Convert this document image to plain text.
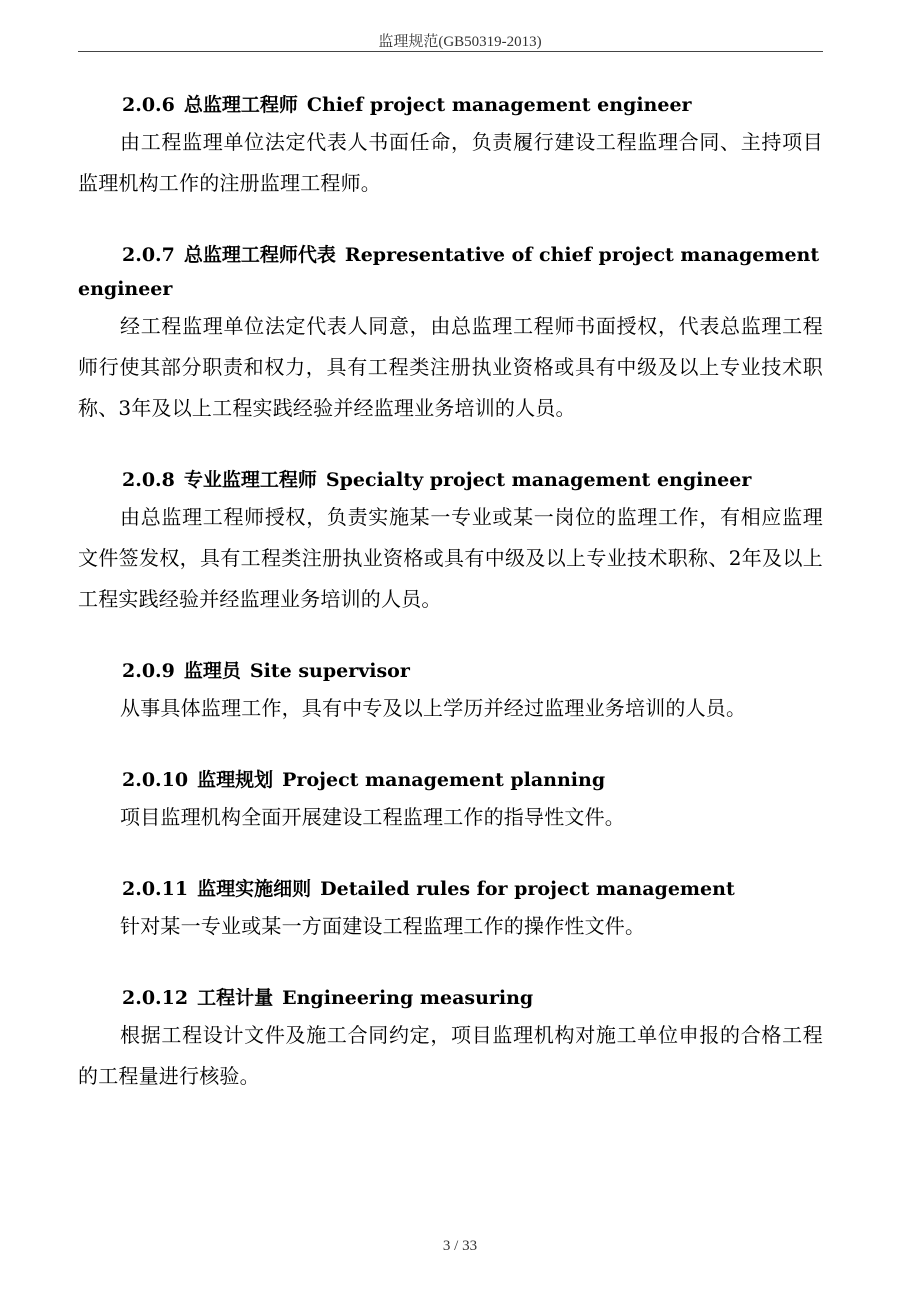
监理规范(GB50319-2013)

2.0.6 总监理工程师 Chief project management engineer

由工程监理单位法定代表人书面任命，负责履行建设工程监理合同、主持项目监理机构工作的注册监理工程师。

2.0.7 总监理工程师代表 Representative of chief project management engineer

经工程监理单位法定代表人同意，由总监理工程师书面授权，代表总监理工程师行使其部分职责和权力，具有工程类注册执业资格或具有中级及以上专业技术职称、3年及以上工程实践经验并经监理业务培训的人员。

2.0.8 专业监理工程师 Specialty project management engineer

由总监理工程师授权，负责实施某一专业或某一岗位的监理工作，有相应监理文件签发权，具有工程类注册执业资格或具有中级及以上专业技术职称、2年及以上工程实践经验并经监理业务培训的人员。

2.0.9 监理员 Site supervisor

从事具体监理工作，具有中专及以上学历并经过监理业务培训的人员。

2.0.10 监理规划 Project management planning

项目监理机构全面开展建设工程监理工作的指导性文件。

2.0.11 监理实施细则 Detailed rules for project management

针对某一专业或某一方面建设工程监理工作的操作性文件。

2.0.12 工程计量 Engineering measuring

根据工程设计文件及施工合同约定，项目监理机构对施工单位申报的合格工程的工程量进行核验。

3 / 33
